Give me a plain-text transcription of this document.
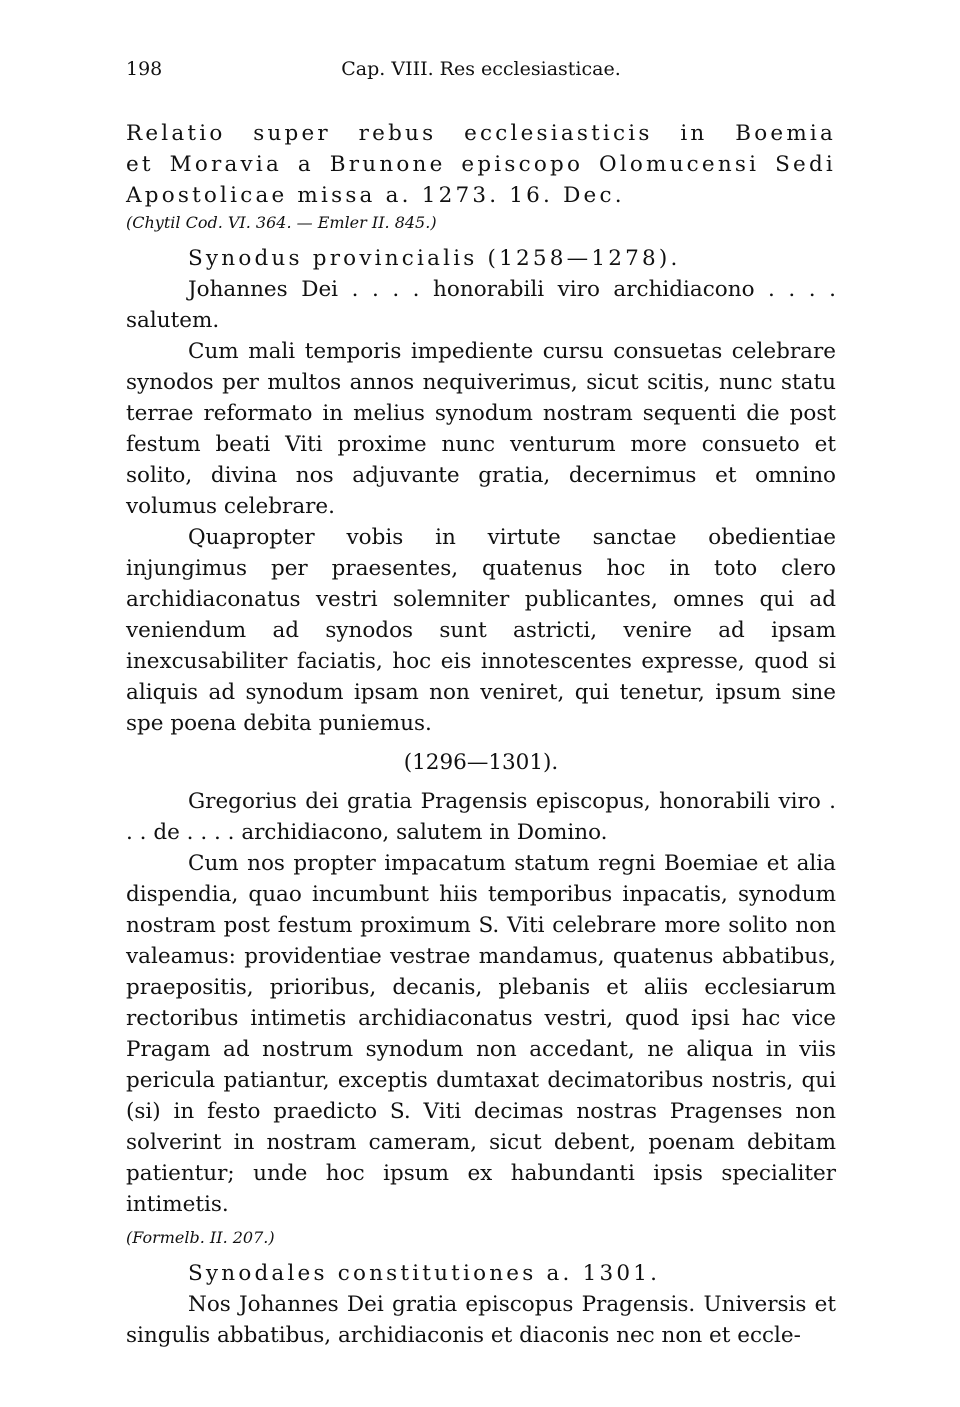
198	Cap. VIII. Res ecclesiasticae.

Relatio super rebus ecclesiasticis in Boemia

et Moravia a Brunone episcopo Olomucensi Sedi

Apostolicae missa a. 1273. 16. Dec.

(Chytil Cod. VI. 364. — Emler II. 845.)

Synodus provincialis (1258—1278).

Johannes Dei . . . . honorabili viro archidiacono . . . .

salutem.

Cum mali temporis impediente cursu consuetas celebrare synodos per multos annos nequiverimus, sicut scitis, nunc statu terrae reformato in melius synodum nostram sequenti die post festum beati Viti proxime nunc venturum more consueto et solito, divina nos adjuvante gratia, decernimus et omnino volumus celebrare.

Quapropter vobis in virtute sanctae obedientiae injungimus per praesentes, quatenus hoc in toto clero archidiaconatus vestri solemniter publicantes, omnes qui ad veniendum ad synodos sunt astricti, venire ad ipsam inexcusabiliter faciatis, hoc eis innotescentes expresse, quod si aliquis ad synodum ipsam non veniret, qui tenetur, ipsum sine spe poena debita puniemus.

(1296—1301).

Gregorius dei gratia Pragensis episcopus, honorabili viro . . . de . . . . archidiacono, salutem in Domino.

Cum nos propter impacatum statum regni Boemiae et alia dispendia, quao incumbunt hiis temporibus inpacatis, synodum nostram post festum proximum S. Viti celebrare more solito non valeamus: providentiae vestrae mandamus, quatenus abbatibus, praepositis, prioribus, decanis, plebanis et aliis ecclesiarum rectoribus intimetis archidiaconatus vestri, quod ipsi hac vice Pragam ad nostrum synodum non accedant, ne aliqua in viis pericula patiantur, exceptis dumtaxat decimatoribus nostris, qui (si) in festo praedicto S. Viti decimas nostras Pragenses non solverint in nostram cameram, sicut debent, poenam debitam patientur; unde hoc ipsum ex habundanti ipsis specialiter intimetis.

(Formelb. II. 207.)

Synodales constitutiones a. 1301.

Nos Johannes Dei gratia episcopus Pragensis. Universis et singulis abbatibus, archidiaconis et diaconis nec non et eccle-
